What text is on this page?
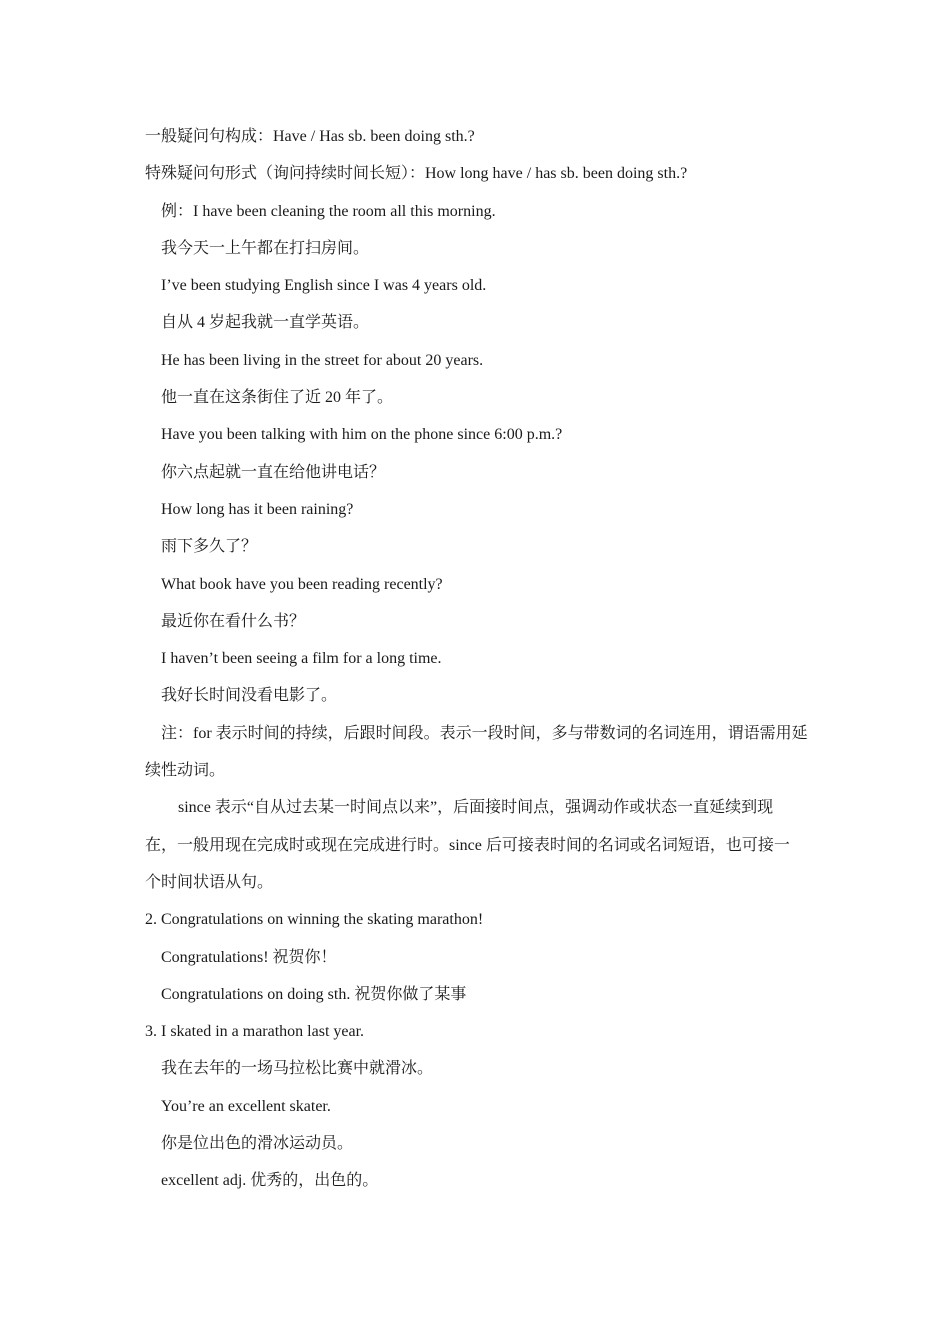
一般疑问句构成：Have / Has sb. been doing sth.?
特殊疑问句形式（询问持续时间长短）：How long have / has sb. been doing sth.?
例：I have been cleaning the room all this morning.
我今天一上午都在打扫房间。
I’ve been studying English since I was 4 years old.
自从 4 岁起我就一直学英语。
He has been living in the street for about 20 years.
他一直在这条街住了近 20 年了。
Have you been talking with him on the phone since 6:00 p.m.?
你六点起就一直在给他讲电话？
How long has it been raining?
雨下多久了？
What book have you been reading recently?
最近你在看什么书？
I haven’t been seeing a film for a long time.
我好长时间没看电影了。
注：for 表示时间的持续，后跟时间段。表示一段时间，多与带数词的名词连用，谓语需用延
续性动词。
since 表示“自从过去某一时间点以来”，后面接时间点，强调动作或状态一直延续到现
在，一般用现在完成时或现在完成进行时。since 后可接表时间的名词或名词短语，也可接一
个时间状语从句。
2. Congratulations on winning the skating marathon!
Congratulations! 祝贺你！
Congratulations on doing sth. 祝贺你做了某事
3. I skated in a marathon last year.
我在去年的一场马拉松比赛中就滑冰。
You’re an excellent skater.
你是位出色的滑冰运动员。
excellent adj. 优秀的，出色的。
